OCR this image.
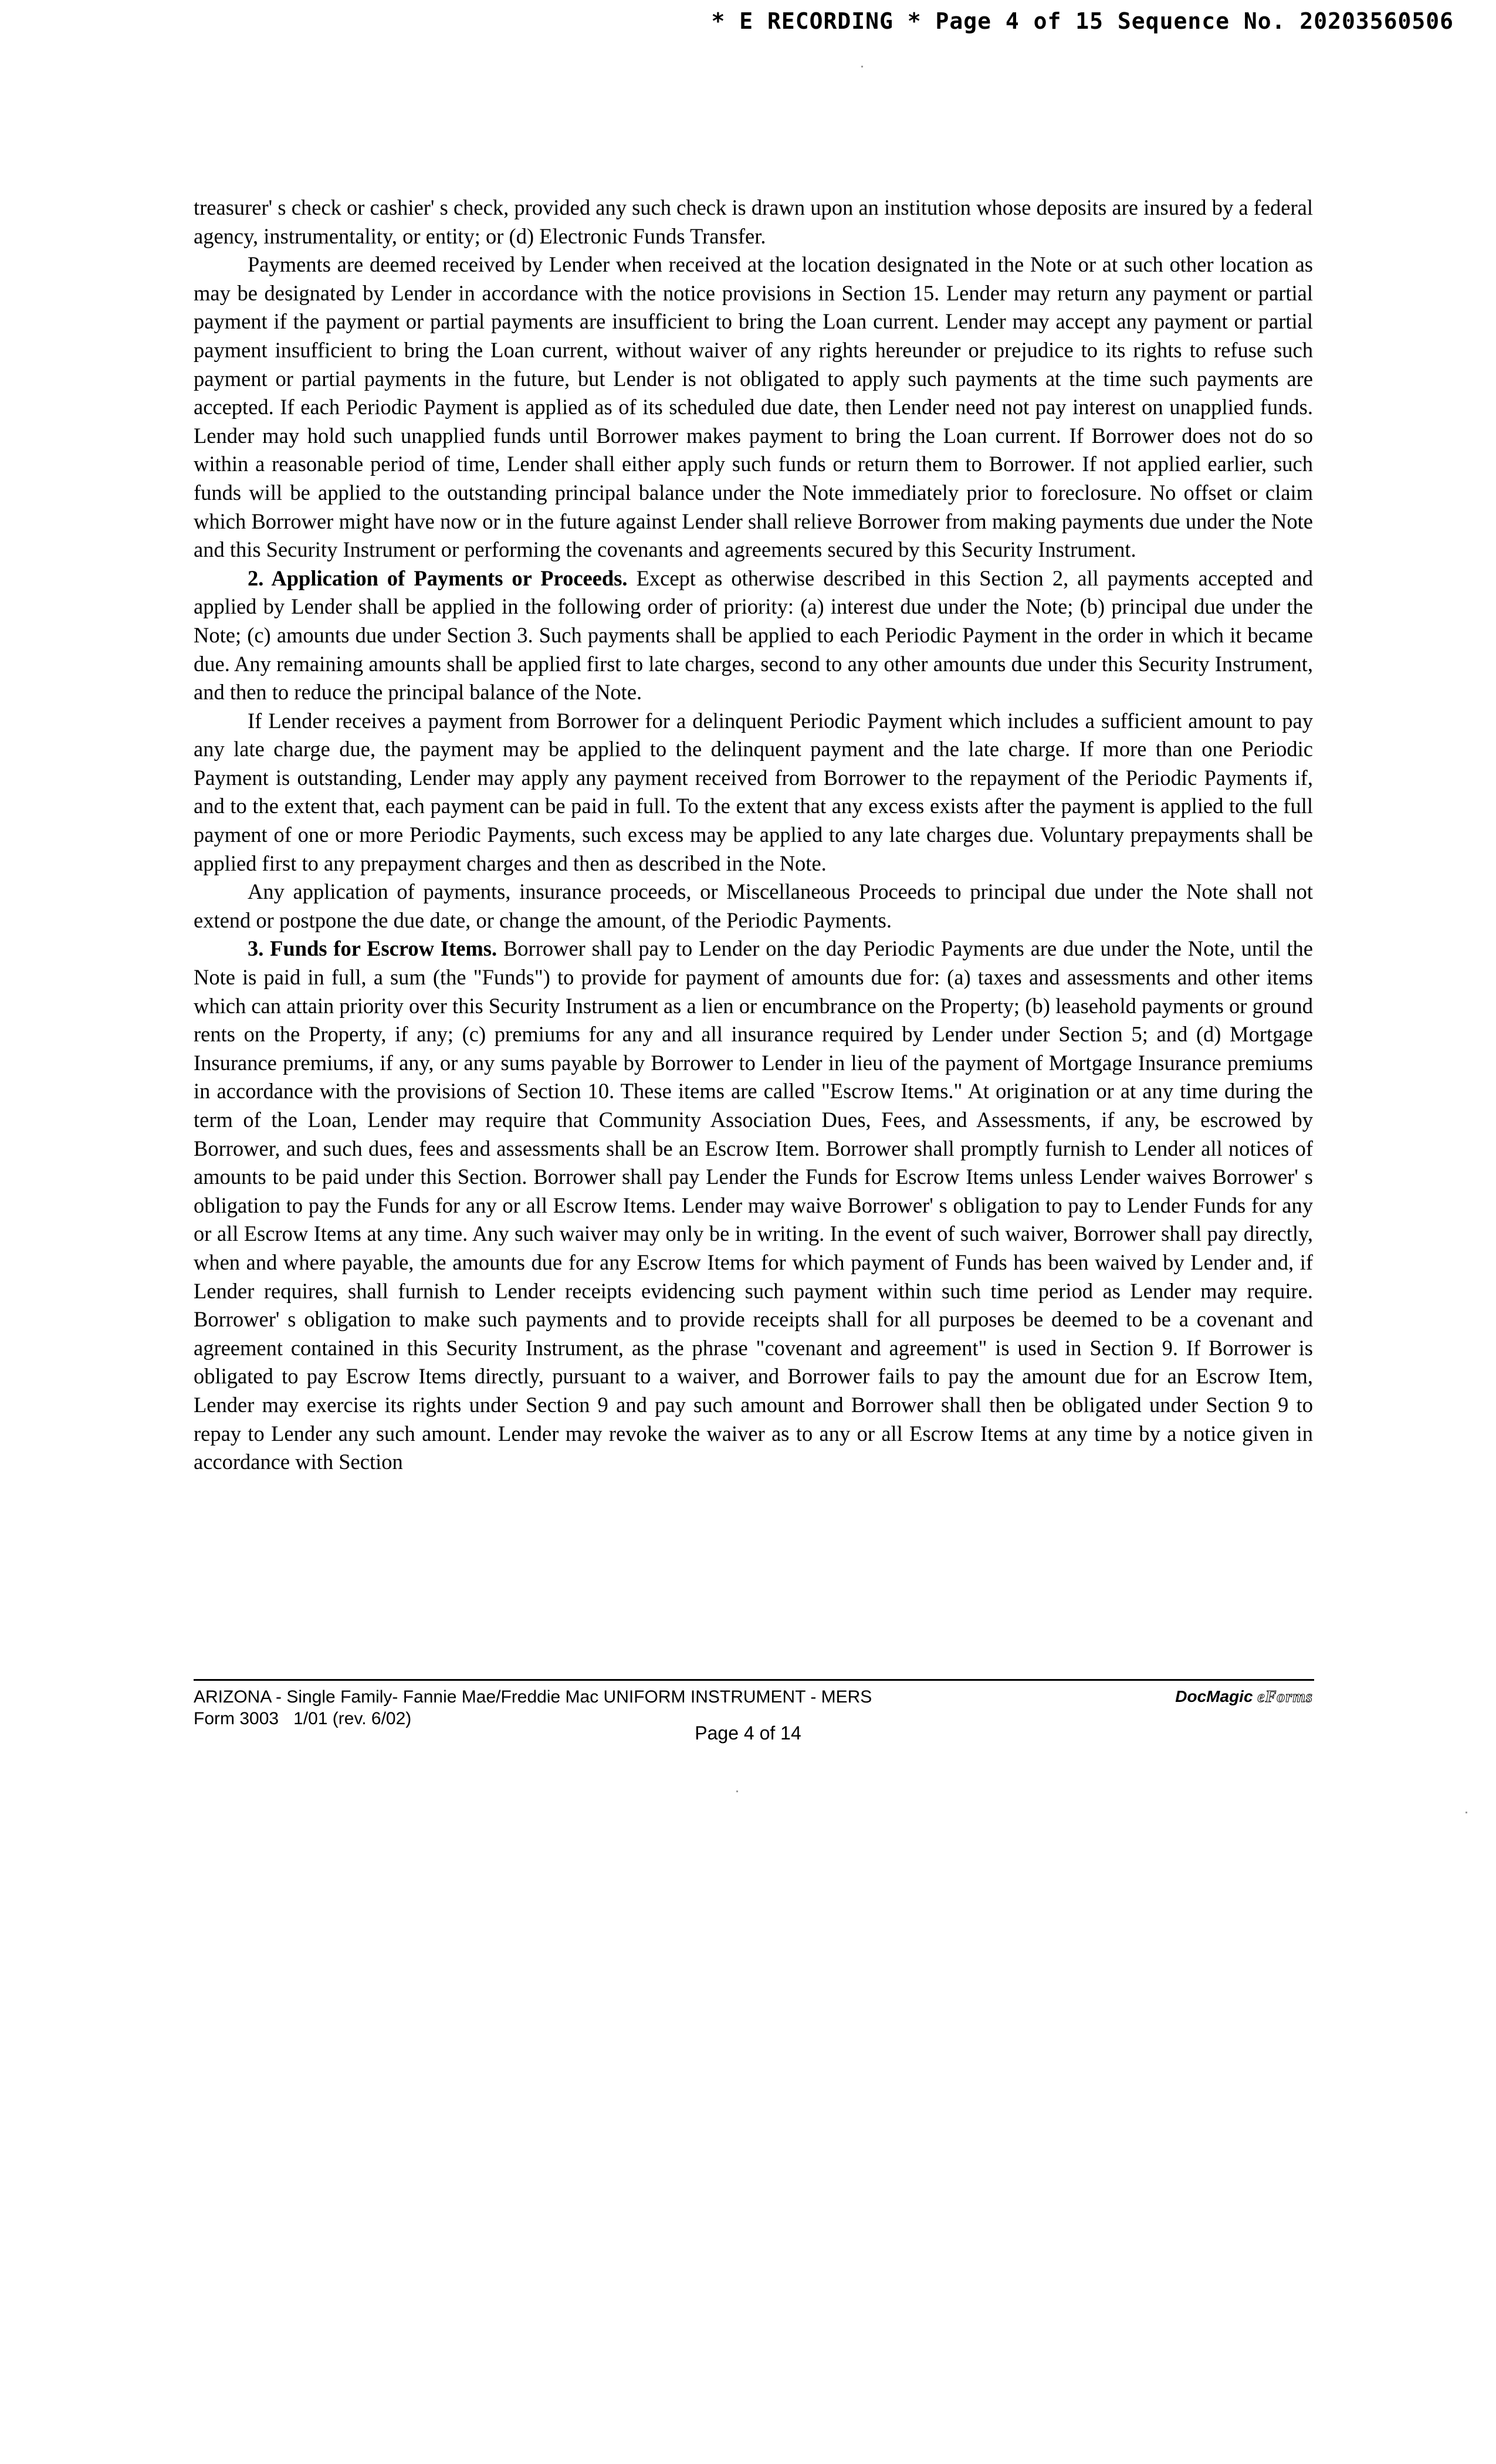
* E RECORDING * Page 4 of 15 Sequence No. 20203560506

treasurer' s check or cashier' s check, provided any such check is drawn upon an institution whose deposits are insured by a federal agency, instrumentality, or entity; or (d) Electronic Funds Transfer.

Payments are deemed received by Lender when received at the location designated in the Note or at such other location as may be designated by Lender in accordance with the notice provisions in Section 15. Lender may return any payment or partial payment if the payment or partial payments are insufficient to bring the Loan current. Lender may accept any payment or partial payment insufficient to bring the Loan current, without waiver of any rights hereunder or prejudice to its rights to refuse such payment or partial payments in the future, but Lender is not obligated to apply such payments at the time such payments are accepted. If each Periodic Payment is applied as of its scheduled due date, then Lender need not pay interest on unapplied funds. Lender may hold such unapplied funds until Borrower makes payment to bring the Loan current. If Borrower does not do so within a reasonable period of time, Lender shall either apply such funds or return them to Borrower. If not applied earlier, such funds will be applied to the outstanding principal balance under the Note immediately prior to foreclosure. No offset or claim which Borrower might have now or in the future against Lender shall relieve Borrower from making payments due under the Note and this Security Instrument or performing the covenants and agreements secured by this Security Instrument.

2. Application of Payments or Proceeds. Except as otherwise described in this Section 2, all payments accepted and applied by Lender shall be applied in the following order of priority: (a) interest due under the Note; (b) principal due under the Note; (c) amounts due under Section 3. Such payments shall be applied to each Periodic Payment in the order in which it became due. Any remaining amounts shall be applied first to late charges, second to any other amounts due under this Security Instrument, and then to reduce the principal balance of the Note.

If Lender receives a payment from Borrower for a delinquent Periodic Payment which includes a sufficient amount to pay any late charge due, the payment may be applied to the delinquent payment and the late charge. If more than one Periodic Payment is outstanding, Lender may apply any payment received from Borrower to the repayment of the Periodic Payments if, and to the extent that, each payment can be paid in full. To the extent that any excess exists after the payment is applied to the full payment of one or more Periodic Payments, such excess may be applied to any late charges due. Voluntary prepayments shall be applied first to any prepayment charges and then as described in the Note.

Any application of payments, insurance proceeds, or Miscellaneous Proceeds to principal due under the Note shall not extend or postpone the due date, or change the amount, of the Periodic Payments.

3. Funds for Escrow Items. Borrower shall pay to Lender on the day Periodic Payments are due under the Note, until the Note is paid in full, a sum (the "Funds") to provide for payment of amounts due for: (a) taxes and assessments and other items which can attain priority over this Security Instrument as a lien or encumbrance on the Property; (b) leasehold payments or ground rents on the Property, if any; (c) premiums for any and all insurance required by Lender under Section 5; and (d) Mortgage Insurance premiums, if any, or any sums payable by Borrower to Lender in lieu of the payment of Mortgage Insurance premiums in accordance with the provisions of Section 10. These items are called "Escrow Items." At origination or at any time during the term of the Loan, Lender may require that Community Association Dues, Fees, and Assessments, if any, be escrowed by Borrower, and such dues, fees and assessments shall be an Escrow Item. Borrower shall promptly furnish to Lender all notices of amounts to be paid under this Section. Borrower shall pay Lender the Funds for Escrow Items unless Lender waives Borrower' s obligation to pay the Funds for any or all Escrow Items. Lender may waive Borrower' s obligation to pay to Lender Funds for any or all Escrow Items at any time. Any such waiver may only be in writing. In the event of such waiver, Borrower shall pay directly, when and where payable, the amounts due for any Escrow Items for which payment of Funds has been waived by Lender and, if Lender requires, shall furnish to Lender receipts evidencing such payment within such time period as Lender may require. Borrower' s obligation to make such payments and to provide receipts shall for all purposes be deemed to be a covenant and agreement contained in this Security Instrument, as the phrase "covenant and agreement" is used in Section 9. If Borrower is obligated to pay Escrow Items directly, pursuant to a waiver, and Borrower fails to pay the amount due for an Escrow Item, Lender may exercise its rights under Section 9 and pay such amount and Borrower shall then be obligated under Section 9 to repay to Lender any such amount. Lender may revoke the waiver as to any or all Escrow Items at any time by a notice given in accordance with Section

ARIZONA - Single Family- Fannie Mae/Freddie Mac UNIFORM INSTRUMENT - MERS
Form 3003   1/01 (rev. 6/02)
DocMagic eForms
Page 4 of 14
